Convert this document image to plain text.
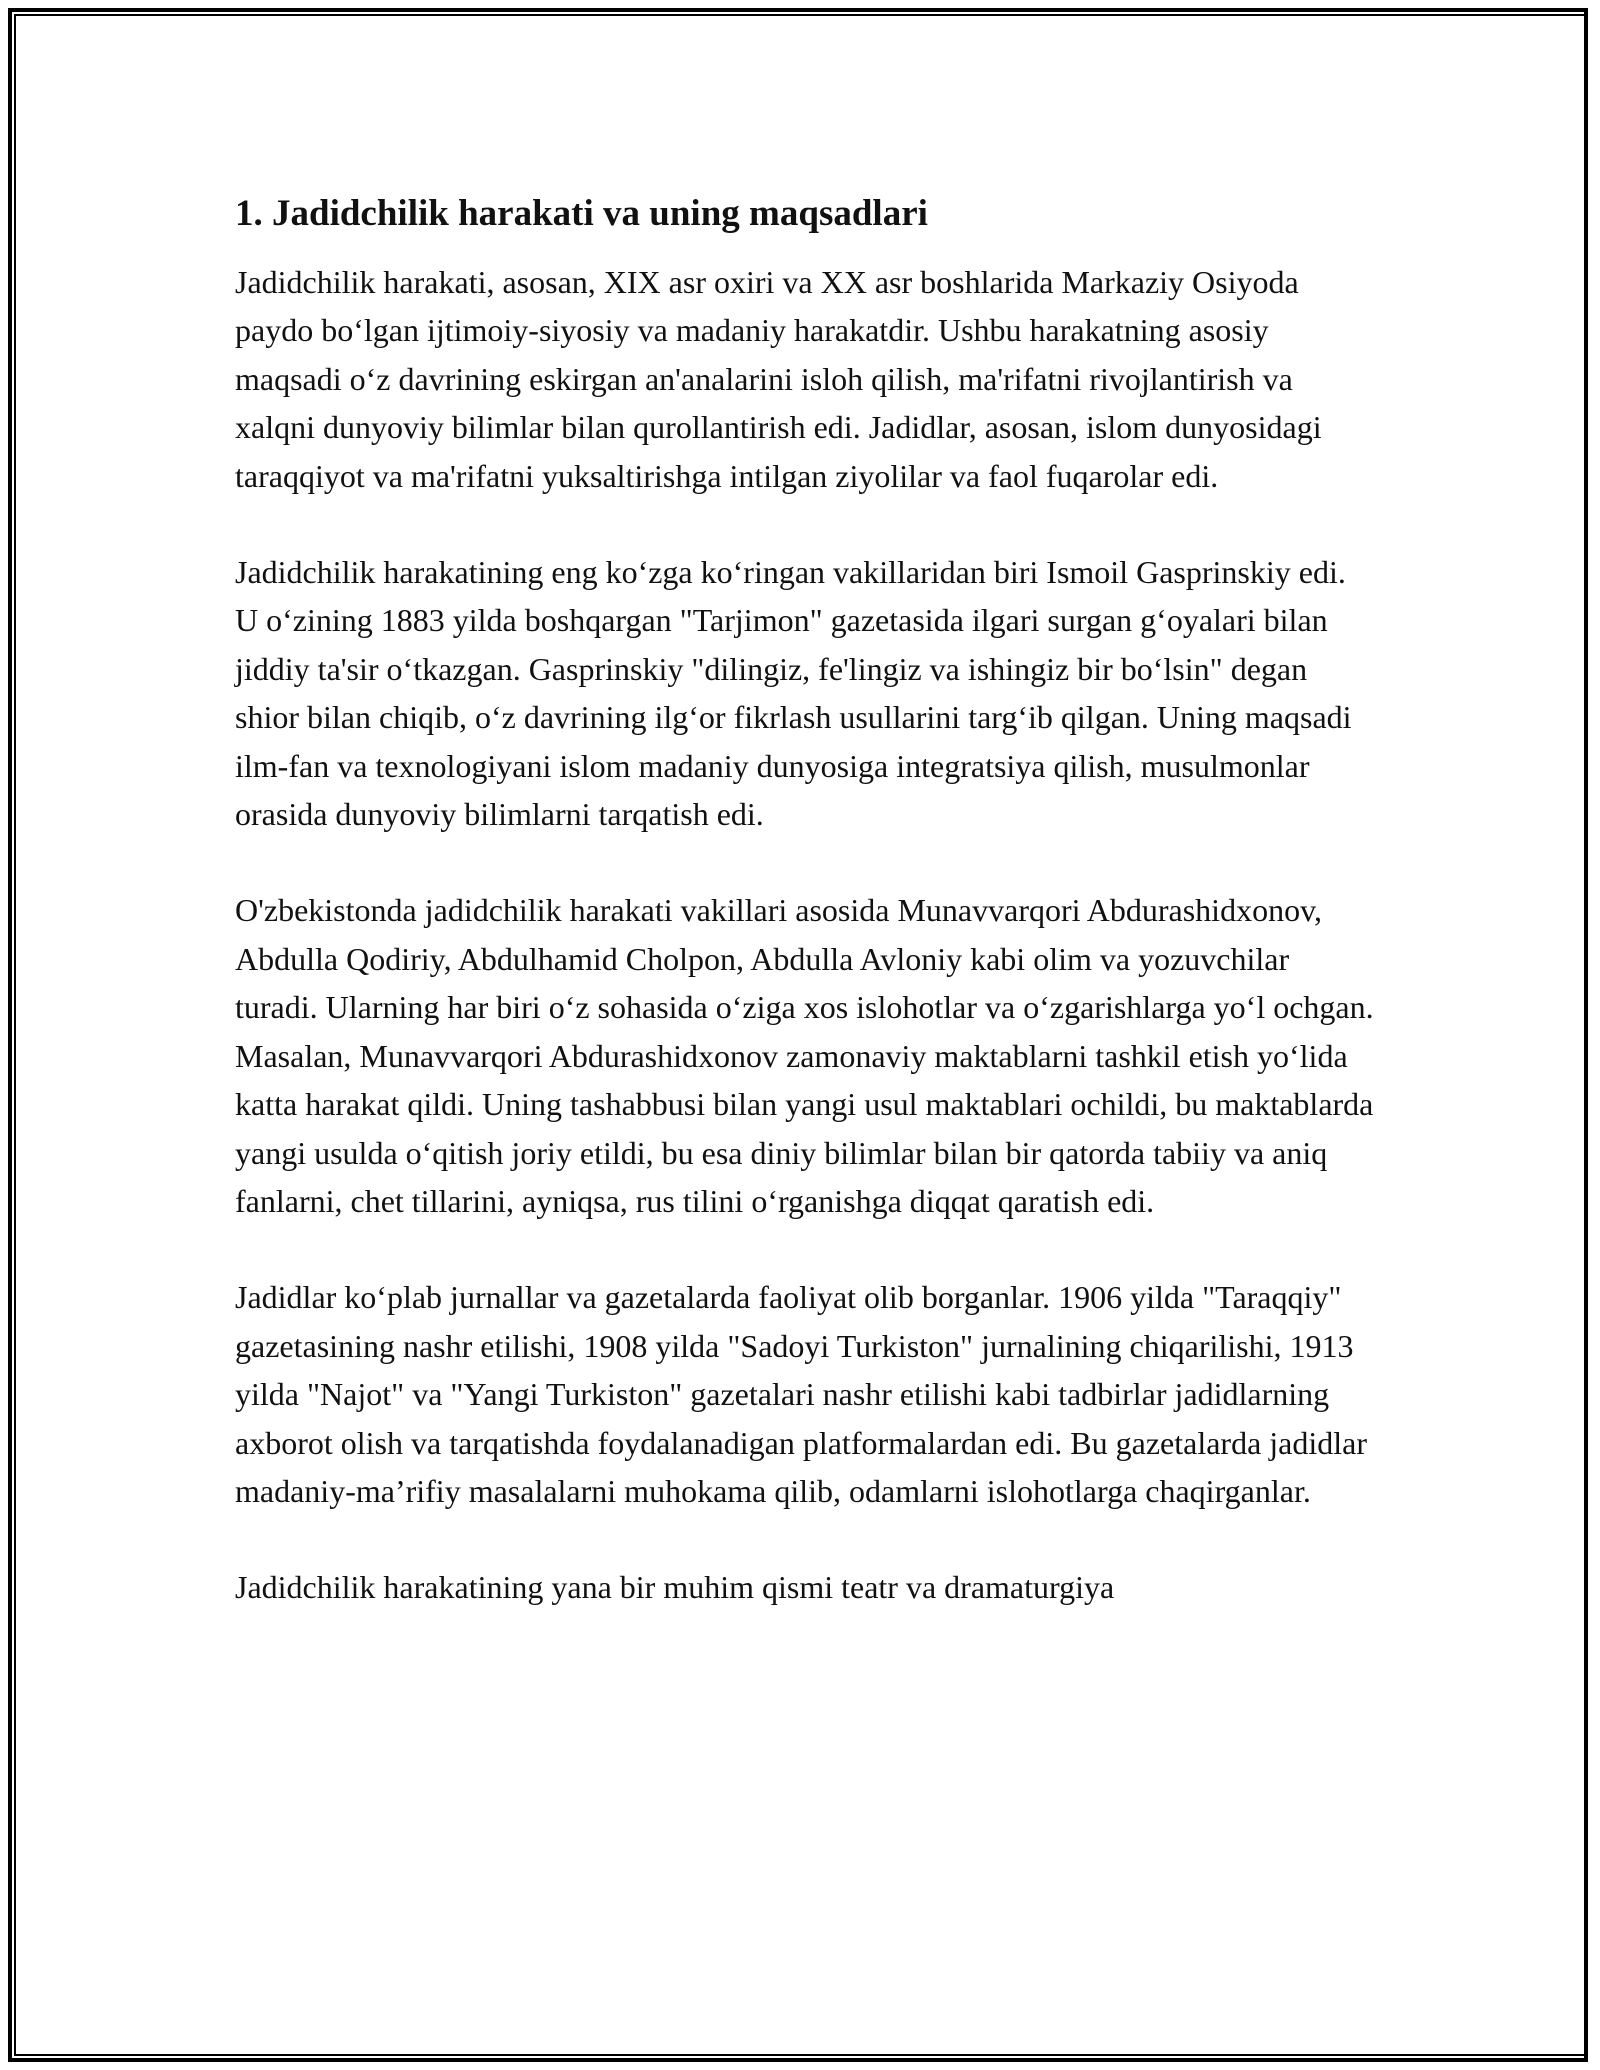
1. Jadidchilik harakati va uning maqsadlari

Jadidchilik harakati, asosan, XIX asr oxiri va XX asr boshlarida Markaziy Osiyoda paydo bo‘lgan ijtimoiy-siyosiy va madaniy harakatdir. Ushbu harakatning asosiy maqsadi o‘z davrining eskirgan an'analarini isloh qilish, ma'rifatni rivojlantirish va xalqni dunyoviy bilimlar bilan qurollantirish edi. Jadidlar, asosan, islom dunyosidagi taraqqiyot va ma'rifatni yuksaltirishga intilgan ziyolilar va faol fuqarolar edi.

Jadidchilik harakatining eng ko‘zga ko‘ringan vakillaridan biri Ismoil Gasprinskiy edi. U o‘zining 1883 yilda boshqargan "Tarjimon" gazetasida ilgari surgan g‘oyalari bilan jiddiy ta'sir o‘tkazgan. Gasprinskiy "dilingiz, fe'lingiz va ishingiz bir bo‘lsin" degan shior bilan chiqib, o‘z davrining ilg‘or fikrlash usullarini targ‘ib qilgan. Uning maqsadi ilm-fan va texnologiyani islom madaniy dunyosiga integratsiya qilish, musulmonlar orasida dunyoviy bilimlarni tarqatish edi.

O'zbekistonda jadidchilik harakati vakillari asosida Munavvarqori Abdurashidxonov, Abdulla Qodiriy, Abdulhamid Cholpon, Abdulla Avloniy kabi olim va yozuvchilar turadi. Ularning har biri o‘z sohasida o‘ziga xos islohotlar va o‘zgarishlarga yo‘l ochgan. Masalan, Munavvarqori Abdurashidxonov zamonaviy maktablarni tashkil etish yo‘lida katta harakat qildi. Uning tashabbusi bilan yangi usul maktablari ochildi, bu maktablarda yangi usulda o‘qitish joriy etildi, bu esa diniy bilimlar bilan bir qatorda tabiiy va aniq fanlarni, chet tillarini, ayniqsa, rus tilini o‘rganishga diqqat qaratish edi.

Jadidlar ko‘plab jurnallar va gazetalarda faoliyat olib borganlar. 1906 yilda "Taraqqiy" gazetasining nashr etilishi, 1908 yilda "Sadoyi Turkiston" jurnalining chiqarilishi, 1913 yilda "Najot" va "Yangi Turkiston" gazetalari nashr etilishi kabi tadbirlar jadidlarning axborot olish va tarqatishda foydalanadigan platformalardan edi. Bu gazetalarda jadidlar madaniy-ma’rifiy masalalarni muhokama qilib, odamlarni islohotlarga chaqirganlar.

Jadidchilik harakatining yana bir muhim qismi teatr va dramaturgiya
